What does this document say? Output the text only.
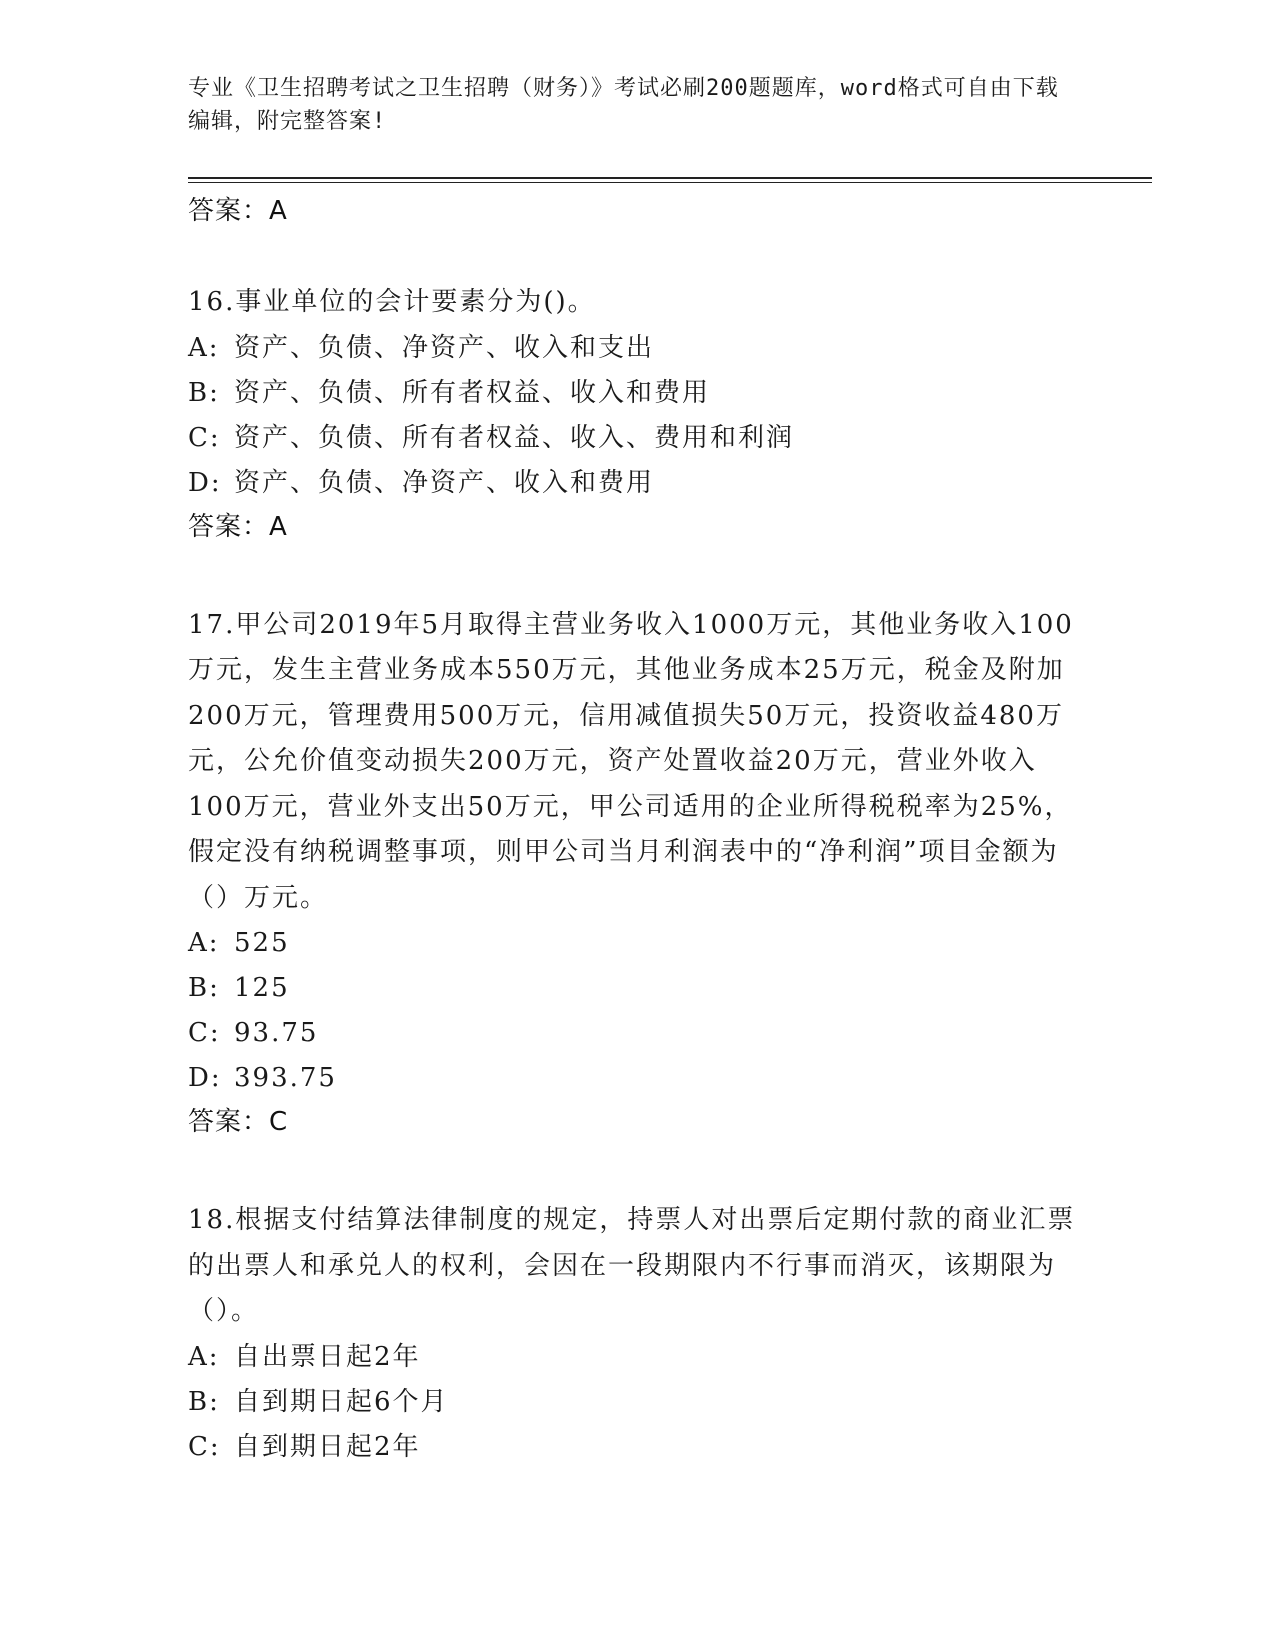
专业《卫生招聘考试之卫生招聘（财务）》考试必刷200题题库，word格式可自由下载编辑，附完整答案!
答案：A
16.事业单位的会计要素分为()。
A: 资产、负债、净资产、收入和支出
B: 资产、负债、所有者权益、收入和费用
C: 资产、负债、所有者权益、收入、费用和利润
D: 资产、负债、净资产、收入和费用
答案：A
17.甲公司2019年5月取得主营业务收入1000万元，其他业务收入100万元，发生主营业务成本550万元，其他业务成本25万元，税金及附加200万元，管理费用500万元，信用减值损失50万元，投资收益480万元，公允价值变动损失200万元，资产处置收益20万元，营业外收入100万元，营业外支出50万元，甲公司适用的企业所得税税率为25%，假定没有纳税调整事项，则甲公司当月利润表中的“净利润”项目金额为（）万元。
A: 525
B: 125
C: 93.75
D: 393.75
答案：C
18.根据支付结算法律制度的规定，持票人对出票后定期付款的商业汇票的出票人和承兑人的权利，会因在一段期限内不行事而消灭，该期限为（）。
A: 自出票日起2年
B: 自到期日起6个月
C: 自到期日起2年
